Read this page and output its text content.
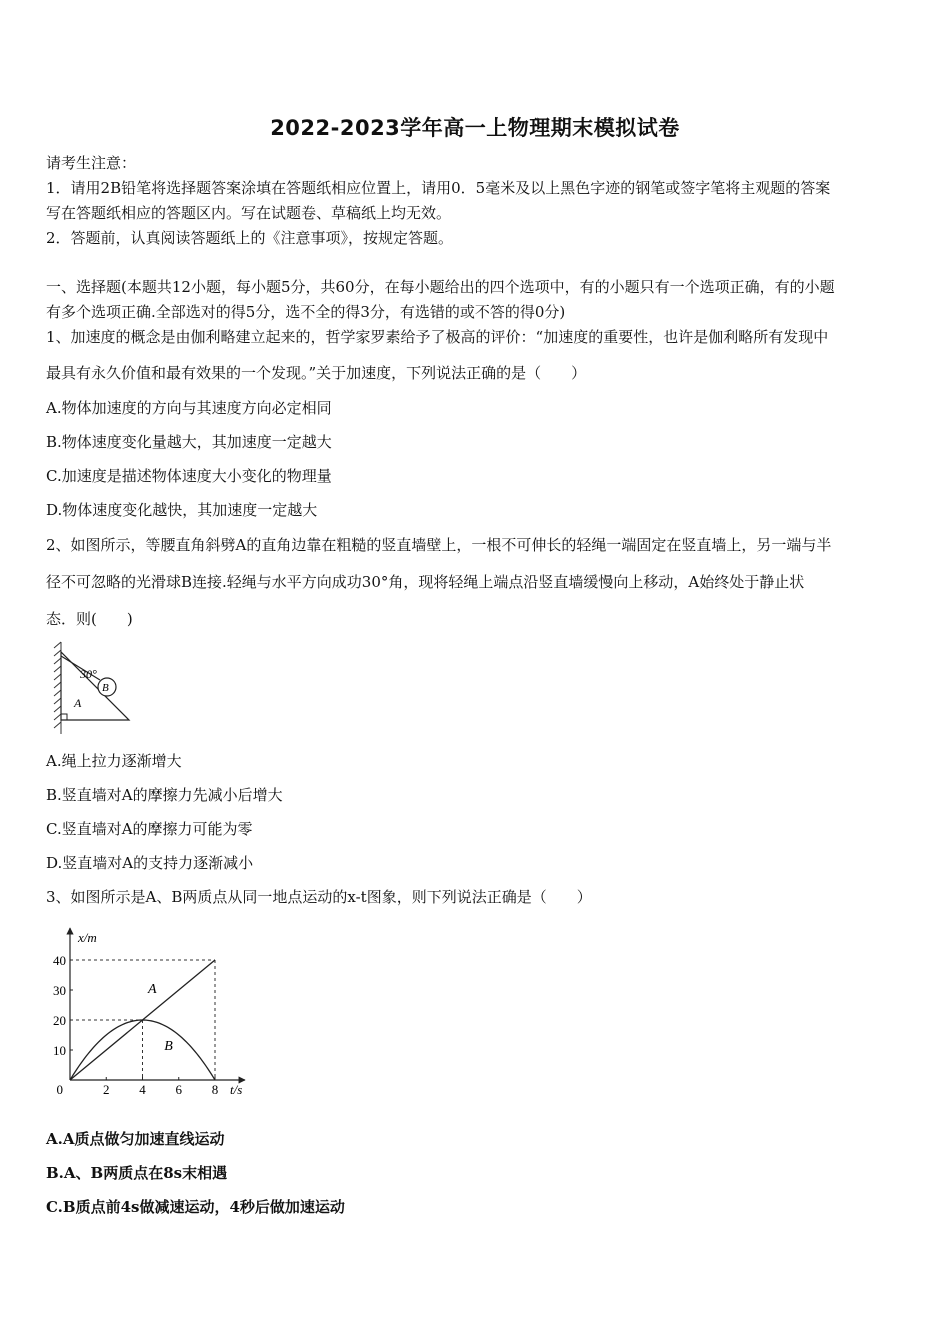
2022-2023学年高一上物理期末模拟试卷
请考生注意：
1．请用2B铅笔将选择题答案涂填在答题纸相应位置上，请用0．5毫米及以上黑色字迹的钢笔或签字笔将主观题的答案
写在答题纸相应的答题区内。写在试题卷、草稿纸上均无效。
2．答题前，认真阅读答题纸上的《注意事项》，按规定答题。
一、选择题(本题共12小题，每小题5分，共60分，在每小题给出的四个选项中，有的小题只有一个选项正确，有的小题
有多个选项正确.全部选对的得5分，选不全的得3分，有选错的或不答的得0分)
1、加速度的概念是由伽利略建立起来的，哲学家罗素给予了极高的评价：“加速度的重要性，也许是伽利略所有发现中
最具有永久价值和最有效果的一个发现。”关于加速度，下列说法正确的是（　　）
A.物体加速度的方向与其速度方向必定相同
B.物体速度变化量越大，其加速度一定越大
C.加速度是描述物体速度大小变化的物理量
D.物体速度变化越快，其加速度一定越大
2、如图所示，等腰直角斜劈A的直角边靠在粗糙的竖直墙壁上，一根不可伸长的轻绳一端固定在竖直墙上，另一端与半
径不可忽略的光滑球B连接.轻绳与水平方向成功30°角，现将轻绳上端点沿竖直墙缓慢向上移动，A始终处于静止状
态．则(　　)
30°
B
A
A.绳上拉力逐渐增大
B.竖直墙对A的摩擦力先减小后增大
C.竖直墙对A的摩擦力可能为零
D.竖直墙对A的支持力逐渐减小
3、如图所示是A、B两质点从同一地点运动的x-t图象，则下列说法正确是（　　）
x/m
t/s
0	2 4 6 8
10
20
30
40
A
B
A.A质点做匀加速直线运动
B.A、B两质点在8s末相遇
C.B质点前4s做减速运动，4秒后做加速运动
